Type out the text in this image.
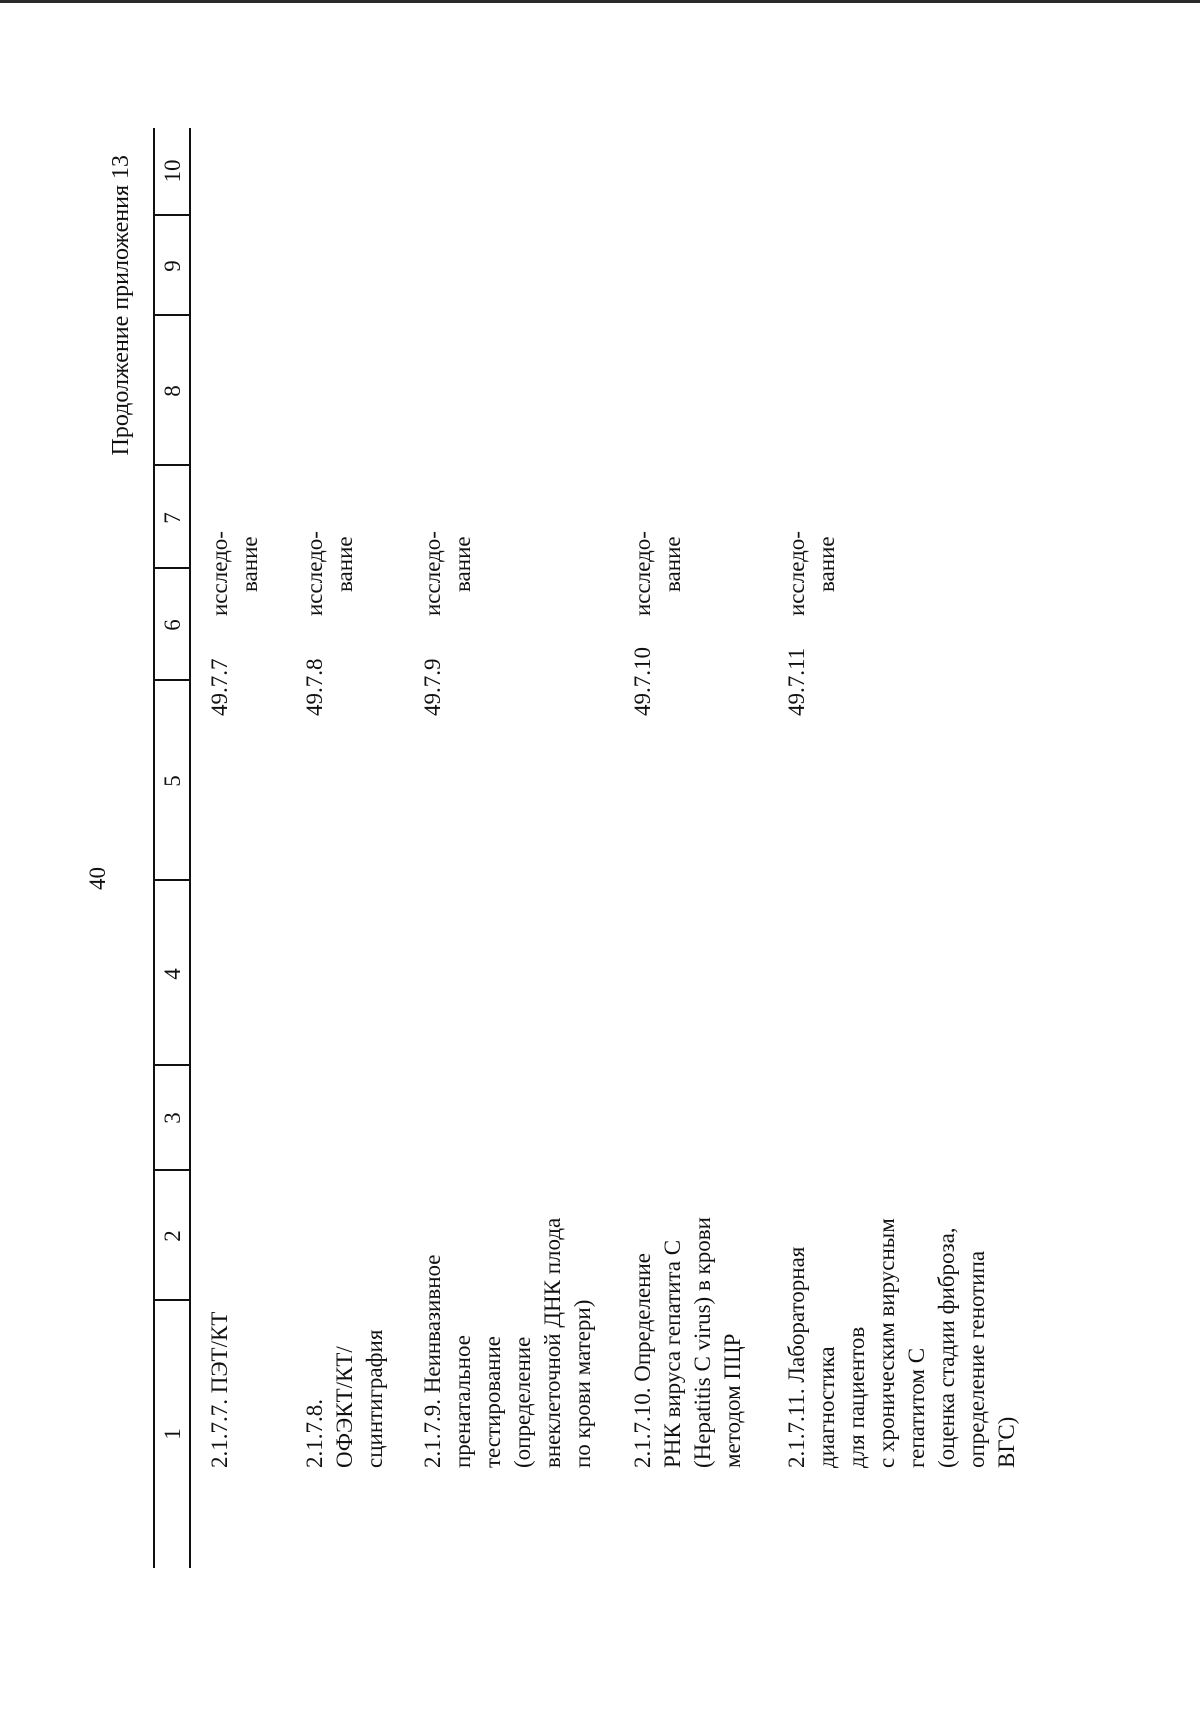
40
Продолжение приложения 13
1
2
3
4
5
6
7
8
9
10
2.1.7.7. ПЭТ/КТ
49.7.7
исследо- вание
2.1.7.8. ОФЭКТ/КТ/ сцинтиграфия
49.7.8
исследо- вание
2.1.7.9. Неинвазивное пренатальное тестирование (определение внеклеточной ДНК плода по крови матери)
49.7.9
исследо- вание
2.1.7.10. Определение РНК вируса гепатита C (Hepatitis C virus) в крови методом ПЦР
49.7.10
исследо- вание
2.1.7.11. Лабораторная диагностика для пациентов с хроническим вирусным гепатитом C (оценка стадии фиброза, определение генотипа ВГС)
49.7.11
исследо- вание
